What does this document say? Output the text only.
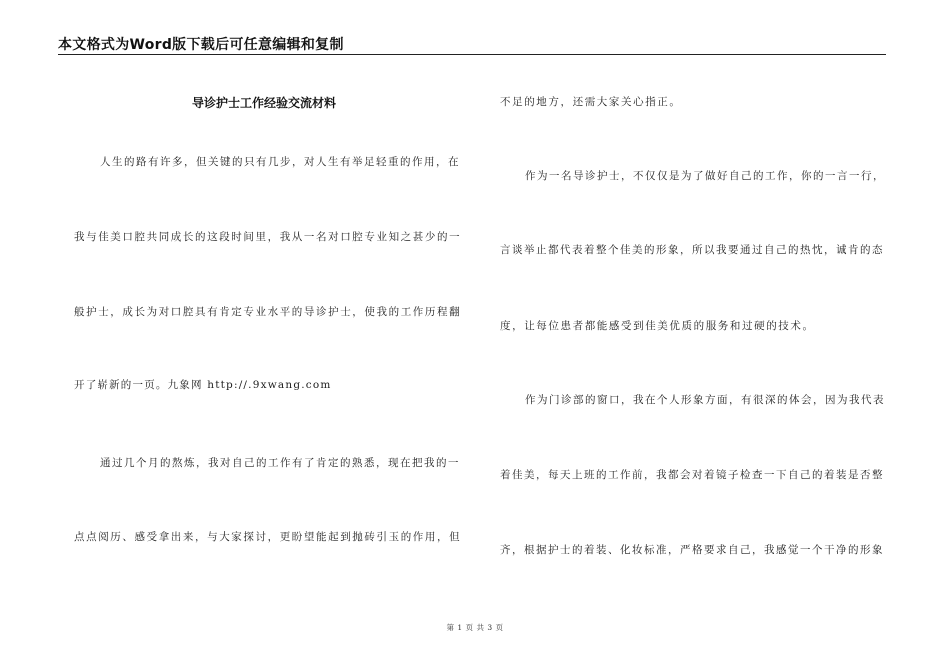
本文格式为Word版下载后可任意编辑和复制
导诊护士工作经验交流材料
人生的路有许多，但关键的只有几步，对人生有举足轻重的作用，在
我与佳美口腔共同成长的这段时间里，我从一名对口腔专业知之甚少的一
般护士，成长为对口腔具有肯定专业水平的导诊护士，使我的工作历程翻
开了崭新的一页。九象网 http://.9xwang.com
通过几个月的熬炼，我对自己的工作有了肯定的熟悉，现在把我的一
点点阅历、感受拿出来，与大家探讨，更盼望能起到抛砖引玉的作用，但
不足的地方，还需大家关心指正。
作为一名导诊护士，不仅仅是为了做好自己的工作，你的一言一行，
言谈举止都代表着整个佳美的形象，所以我要通过自己的热忱，诚肯的态
度，让每位患者都能感受到佳美优质的服务和过硬的技术。
作为门诊部的窗口，我在个人形象方面，有很深的体会，因为我代表
着佳美，每天上班的工作前，我都会对着镜子检查一下自己的着装是否整
齐，根据护士的着装、化妆标准，严格要求自己，我感觉一个干净的形象
第 1 页 共 3 页
